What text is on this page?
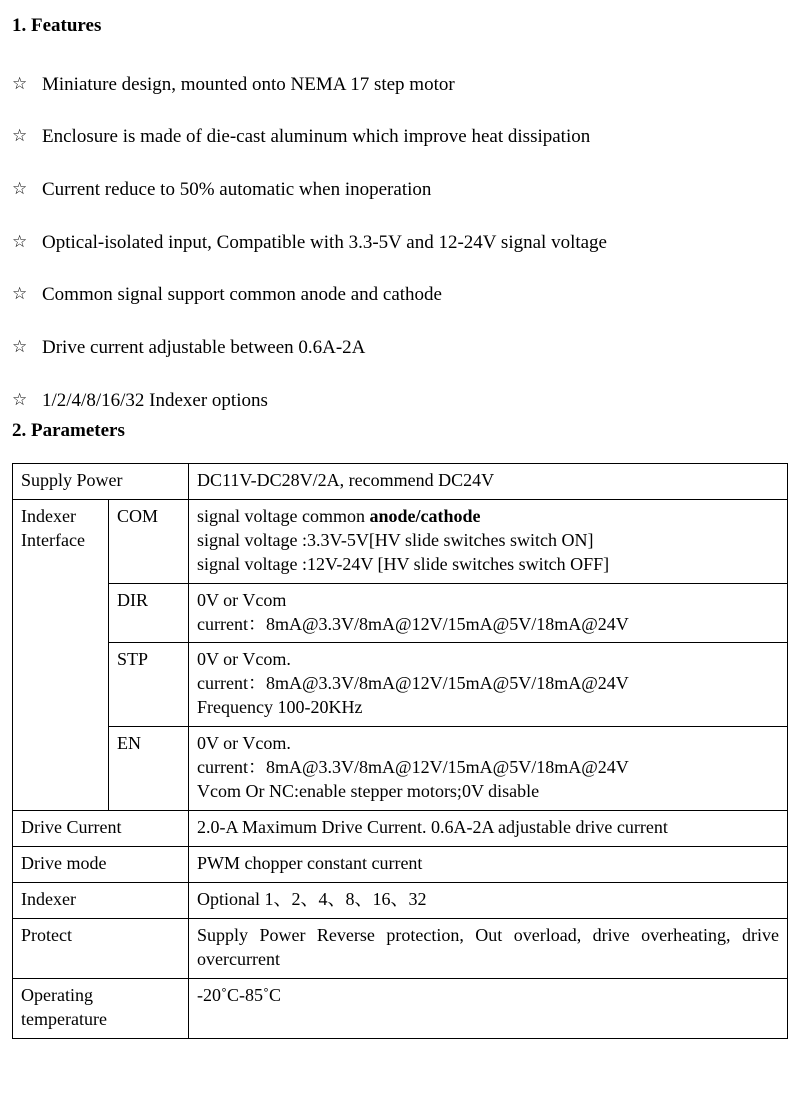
1. Features
☆ Miniature design, mounted onto NEMA 17 step motor
☆ Enclosure is made of die-cast aluminum which improve heat dissipation
☆ Current reduce to 50% automatic when inoperation
☆ Optical-isolated input, Compatible with 3.3-5V and 12-24V signal voltage
☆ Common signal support common anode and cathode
☆ Drive current adjustable between 0.6A-2A
☆ 1/2/4/8/16/32 Indexer options
2. Parameters
Supply Power		DC11V-DC28V/2A, recommend DC24V

Indexer
Interface	COM	signal voltage common anode/cathode
signal voltage :3.3V-5V[HV slide switches switch ON]
signal voltage :12V-24V [HV slide switches switch OFF]

	DIR	0V or Vcom
current：8mA@3.3V/8mA@12V/15mA@5V/18mA@24V

	STP	0V or Vcom.
current：8mA@3.3V/8mA@12V/15mA@5V/18mA@24V
Frequency 100-20KHz

	EN	0V or Vcom.
current：8mA@3.3V/8mA@12V/15mA@5V/18mA@24V
Vcom Or NC:enable stepper motors;0V disable

Drive Current		2.0-A Maximum Drive Current. 0.6A-2A adjustable drive current
Drive mode		PWM chopper constant current
Indexer		Optional 1、2、4、8、16、32
Protect		Supply Power Reverse protection, Out overload, drive overheating, drive overcurrent

Operating
temperature		-20˚C-85˚C
